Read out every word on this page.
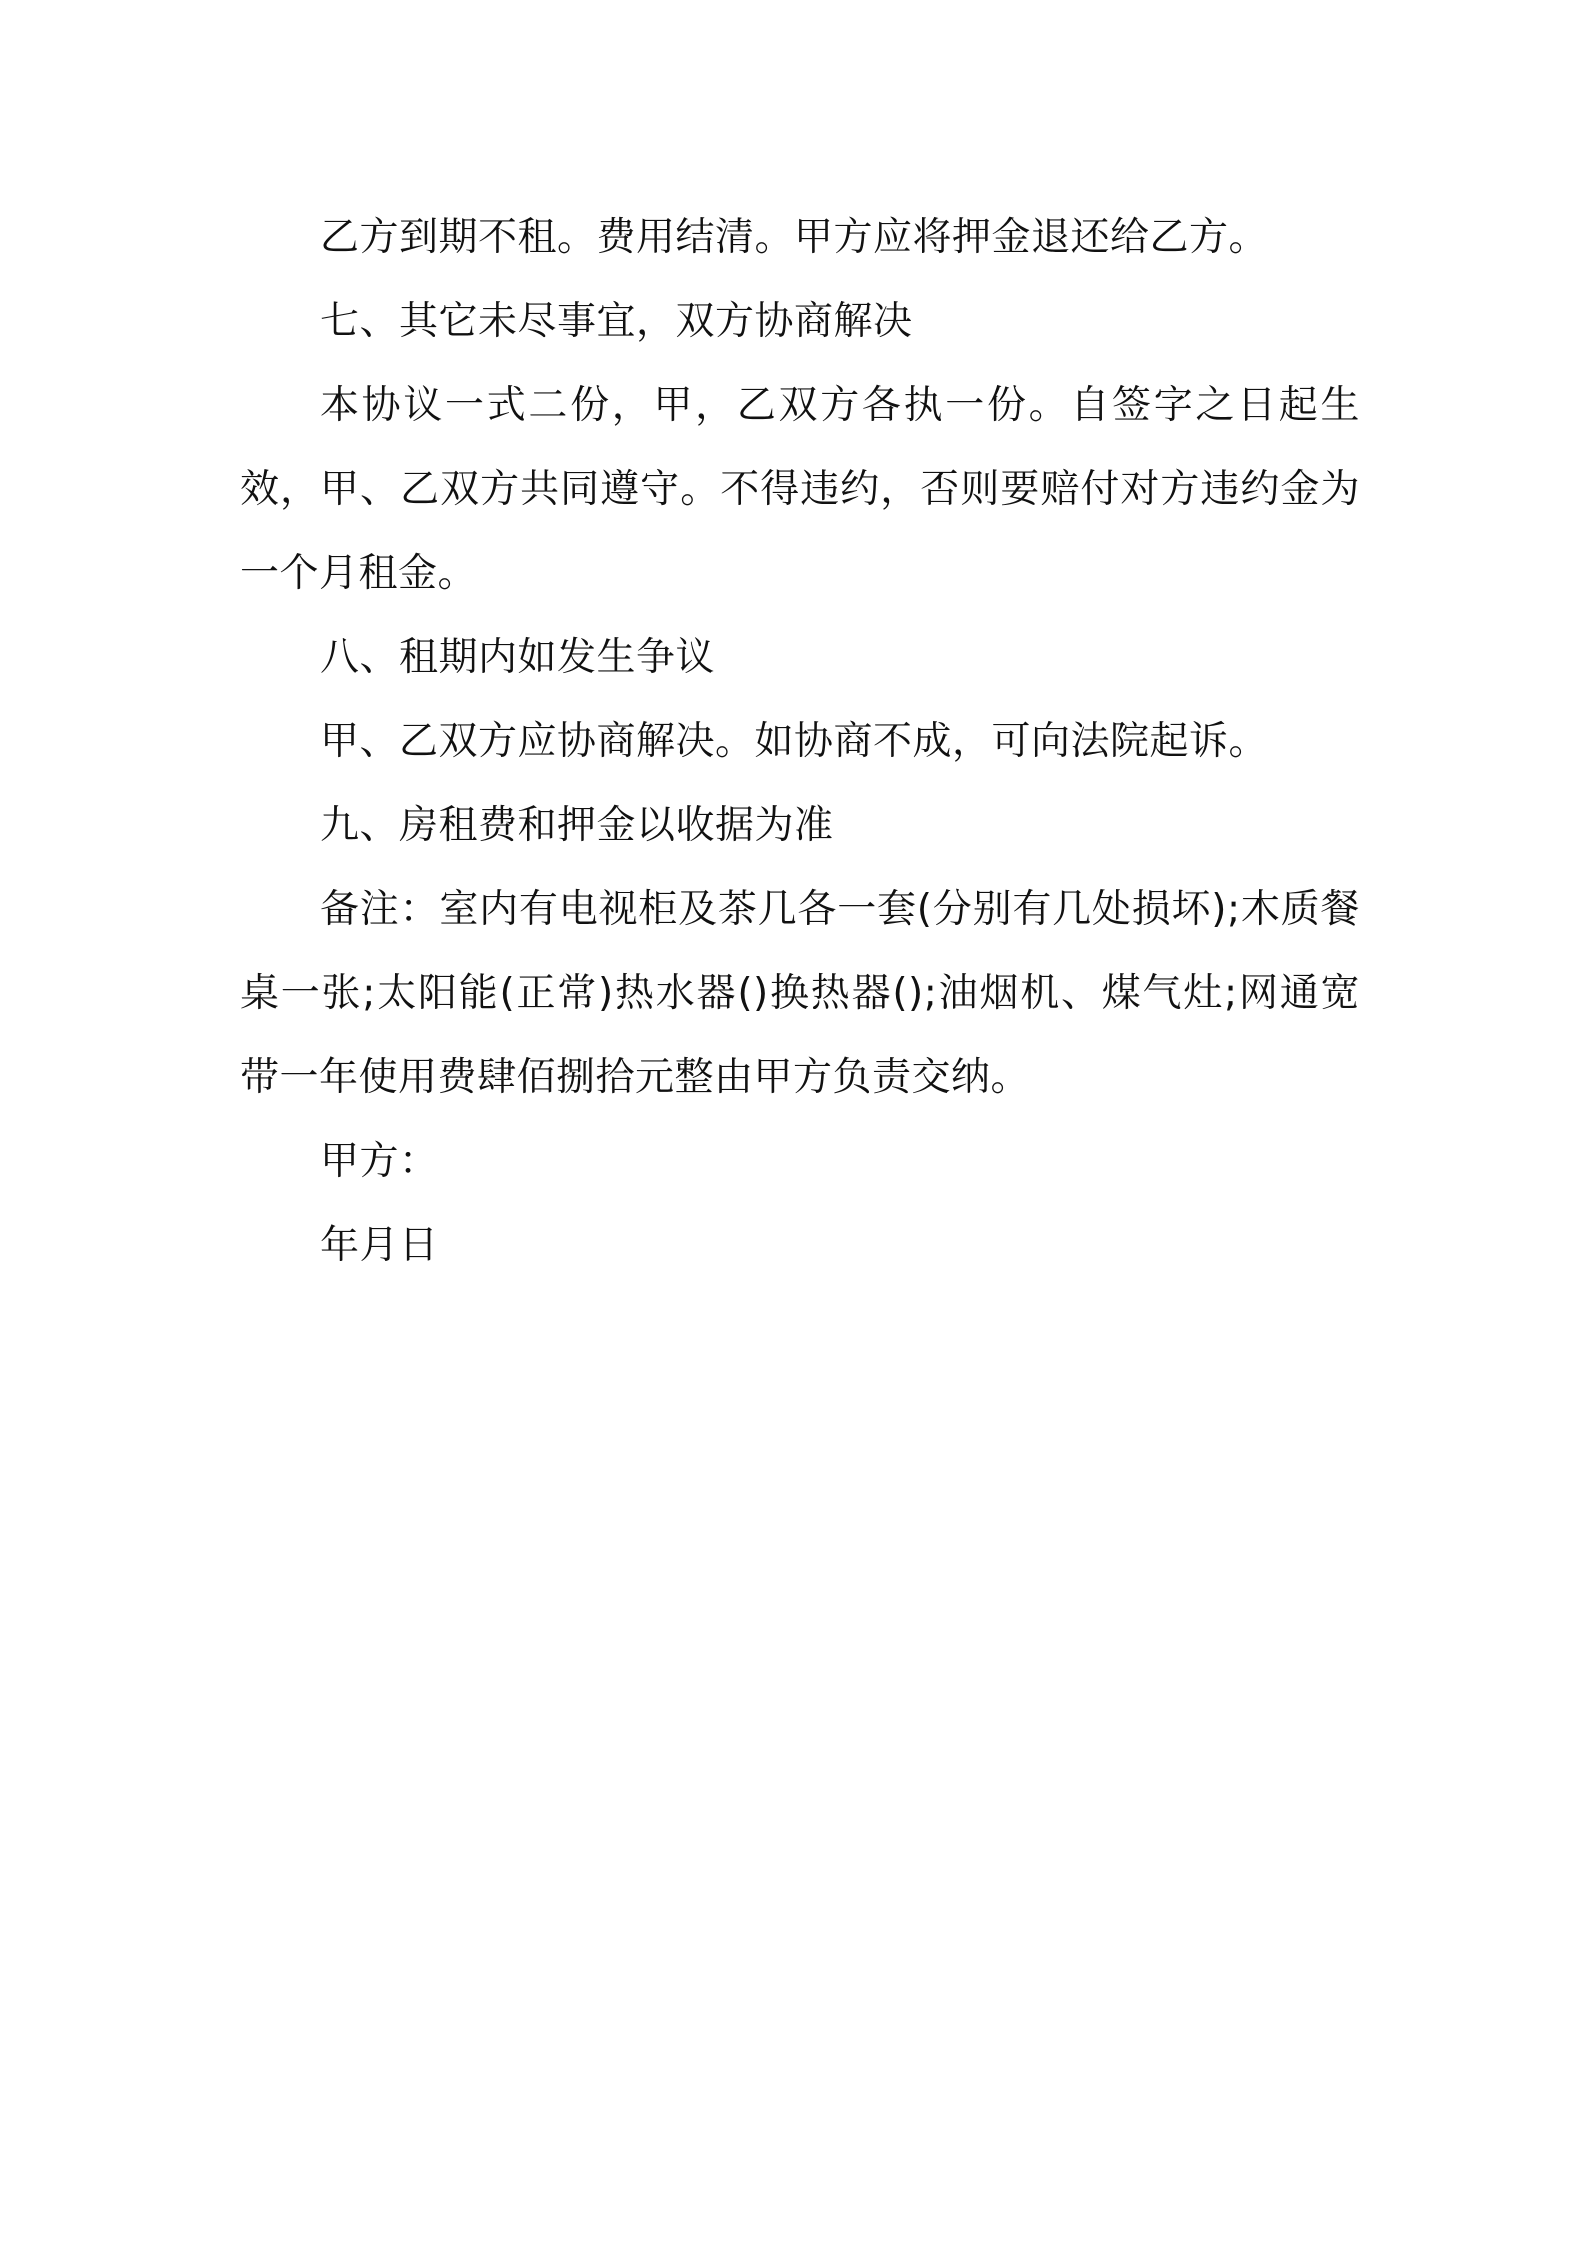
乙方到期不租。费用结清。甲方应将押金退还给乙方。

七、其它未尽事宜，双方协商解决

本协议一式二份，甲，乙双方各执一份。自签字之日起生效，甲、乙双方共同遵守。不得违约，否则要赔付对方违约金为一个月租金。

八、租期内如发生争议

甲、乙双方应协商解决。如协商不成，可向法院起诉。

九、房租费和押金以收据为准

备注：室内有电视柜及茶几各一套(分别有几处损坏);木质餐桌一张;太阳能(正常)热水器()换热器();油烟机、煤气灶;网通宽带一年使用费肆佰捌拾元整由甲方负责交纳。

甲方：

年月日
